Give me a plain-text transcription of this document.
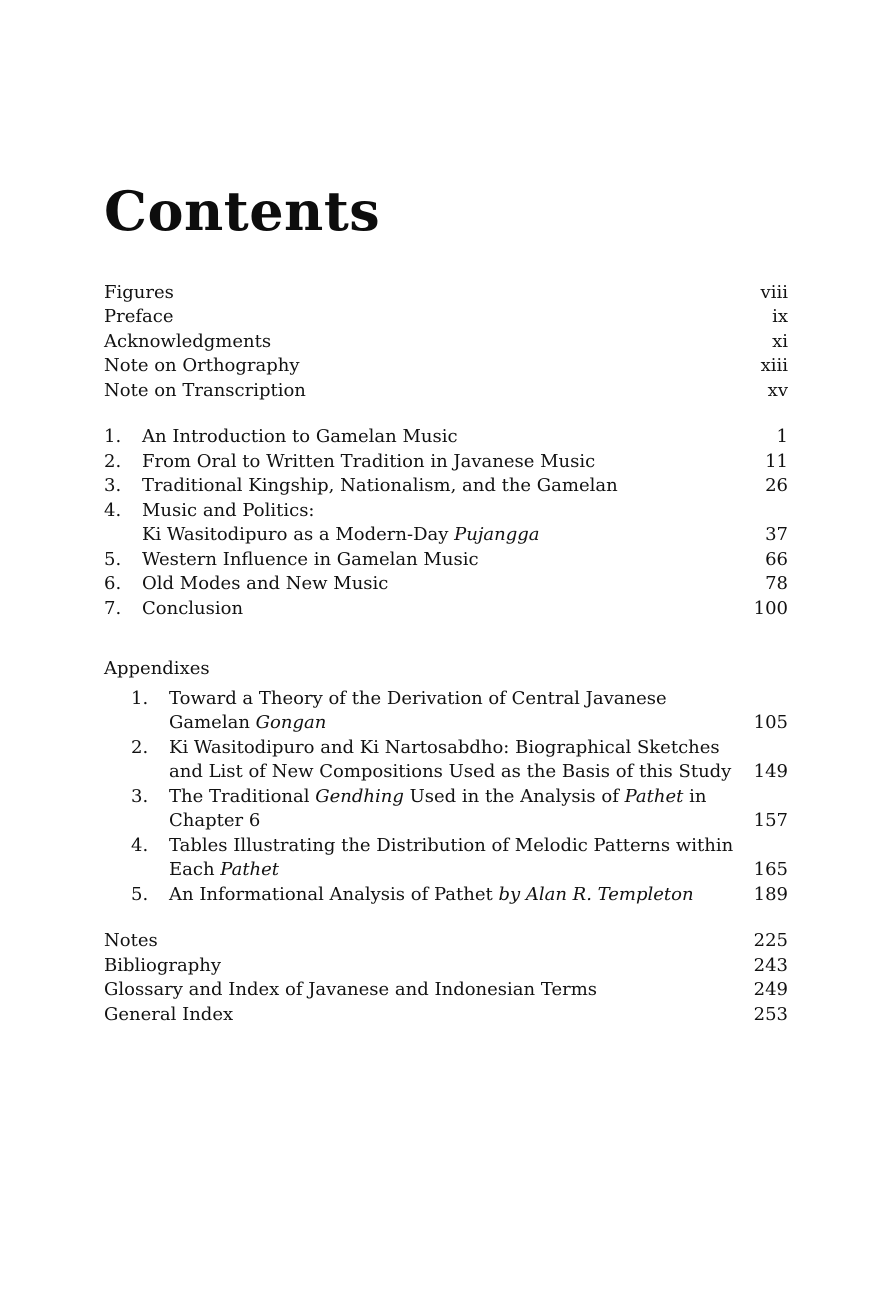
Contents
Figures	viii
Preface	ix
Acknowledgments	xi
Note on Orthography	xiii
Note on Transcription	xv
1. An Introduction to Gamelan Music	1
2. From Oral to Written Tradition in Javanese Music	11
3. Traditional Kingship, Nationalism, and the Gamelan	26
4. Music and Politics:
Ki Wasitodipuro as a Modern-Day Pujangga	37
5. Western Influence in Gamelan Music	66
6. Old Modes and New Music	78
7. Conclusion	100
Appendixes
1. Toward a Theory of the Derivation of Central Javanese
Gamelan Gongan	105
2. Ki Wasitodipuro and Ki Nartosabdho: Biographical Sketches
and List of New Compositions Used as the Basis of this Study 149
3. The Traditional Gendhing Used in the Analysis of Pathet in
Chapter 6	157
4. Tables Illustrating the Distribution of Melodic Patterns within
Each Pathet	165
5. An Informational Analysis of Pathet by Alan R. Templeton	189
Notes	225
Bibliography	243
Glossary and Index of Javanese and Indonesian Terms	249
General Index	253
